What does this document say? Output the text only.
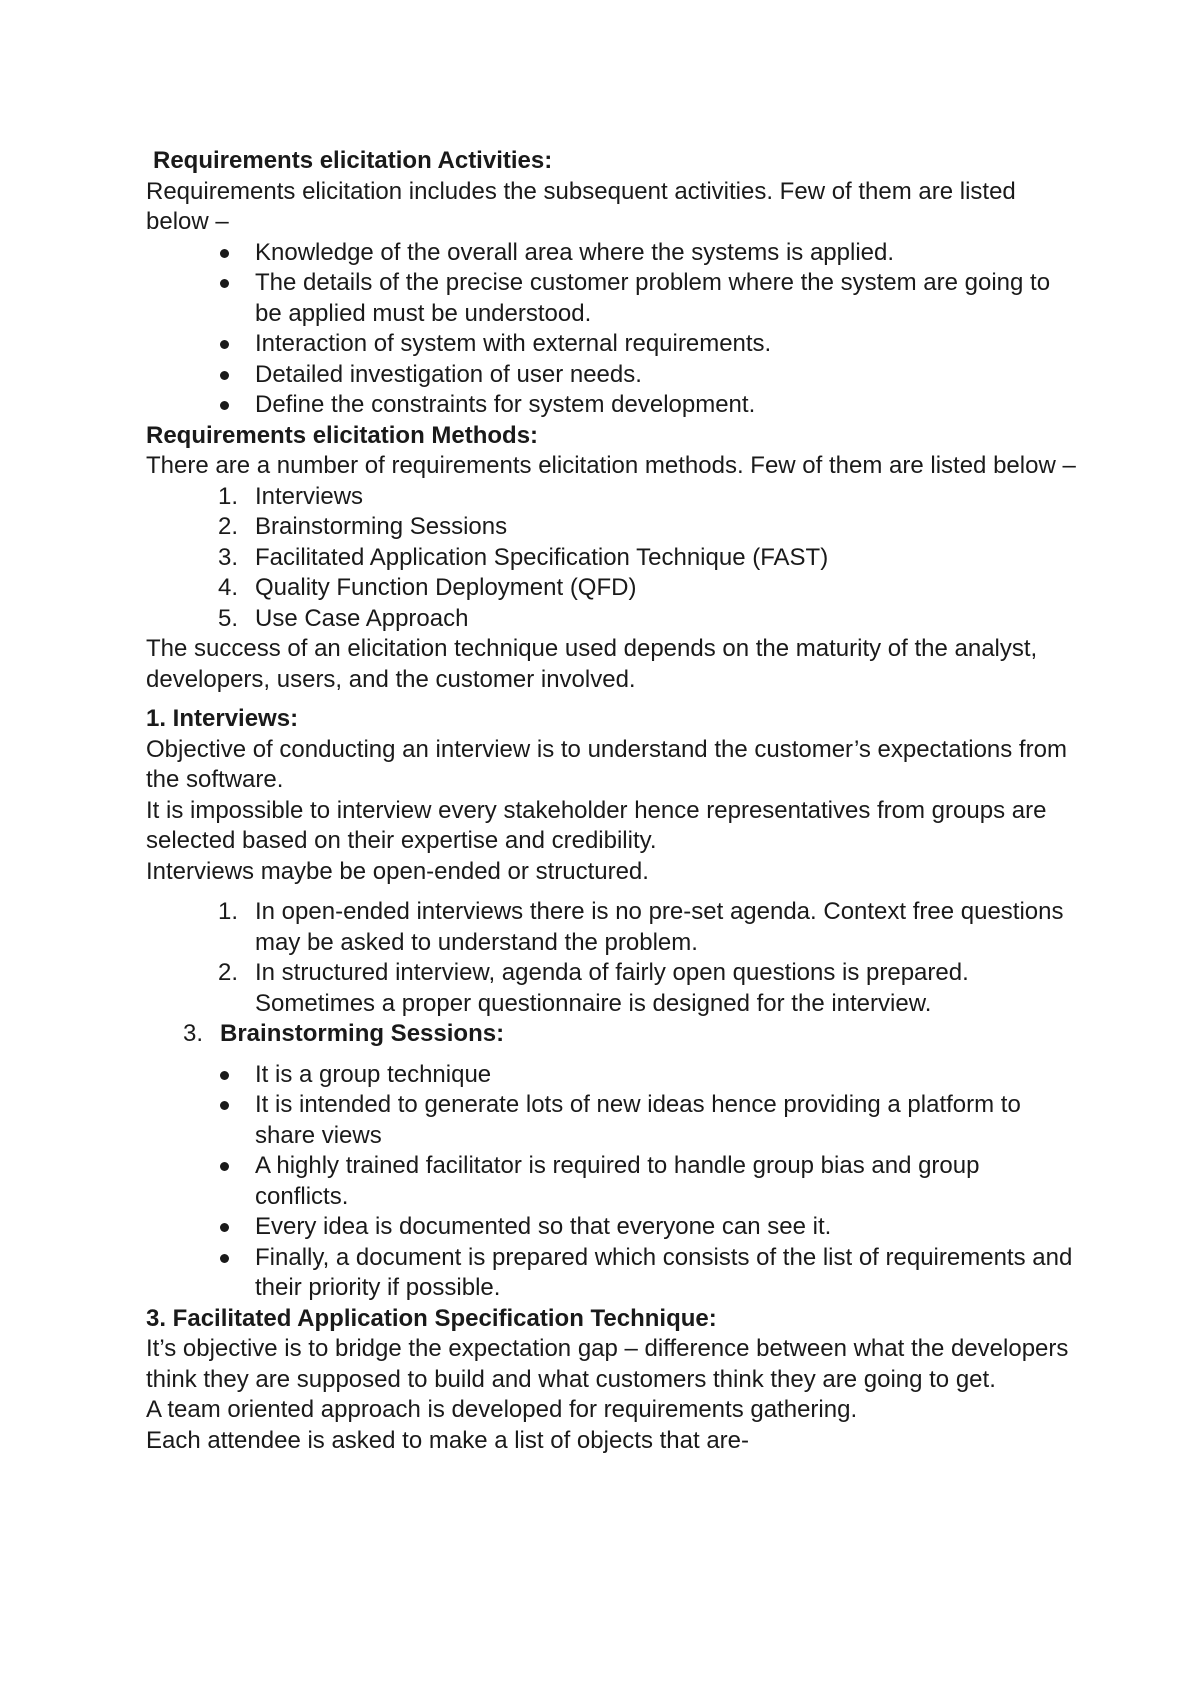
Requirements elicitation Activities:

Requirements elicitation includes the subsequent activities. Few of them are listed below –

Knowledge of the overall area where the systems is applied.
The details of the precise customer problem where the system are going to be applied must be understood.
Interaction of system with external requirements.
Detailed investigation of user needs.
Define the constraints for system development.
Requirements elicitation Methods:

There are a number of requirements elicitation methods. Few of them are listed below –

1. Interviews
2. Brainstorming Sessions
3. Facilitated Application Specification Technique (FAST)
4. Quality Function Deployment (QFD)
5. Use Case Approach

The success of an elicitation technique used depends on the maturity of the analyst, developers, users, and the customer involved.

1. Interviews:

Objective of conducting an interview is to understand the customer’s expectations from the software.

It is impossible to interview every stakeholder hence representatives from groups are selected based on their expertise and credibility.

Interviews maybe be open-ended or structured.

1. In open-ended interviews there is no pre-set agenda. Context free questions may be asked to understand the problem.
2. In structured interview, agenda of fairly open questions is prepared. Sometimes a proper questionnaire is designed for the interview.
3. Brainstorming Sessions:
It is a group technique
It is intended to generate lots of new ideas hence providing a platform to share views
A highly trained facilitator is required to handle group bias and group conflicts.
Every idea is documented so that everyone can see it.
Finally, a document is prepared which consists of the list of requirements and their priority if possible.
3. Facilitated Application Specification Technique:

It’s objective is to bridge the expectation gap – difference between what the developers think they are supposed to build and what customers think they are going to get.

A team oriented approach is developed for requirements gathering.

Each attendee is asked to make a list of objects that are-
